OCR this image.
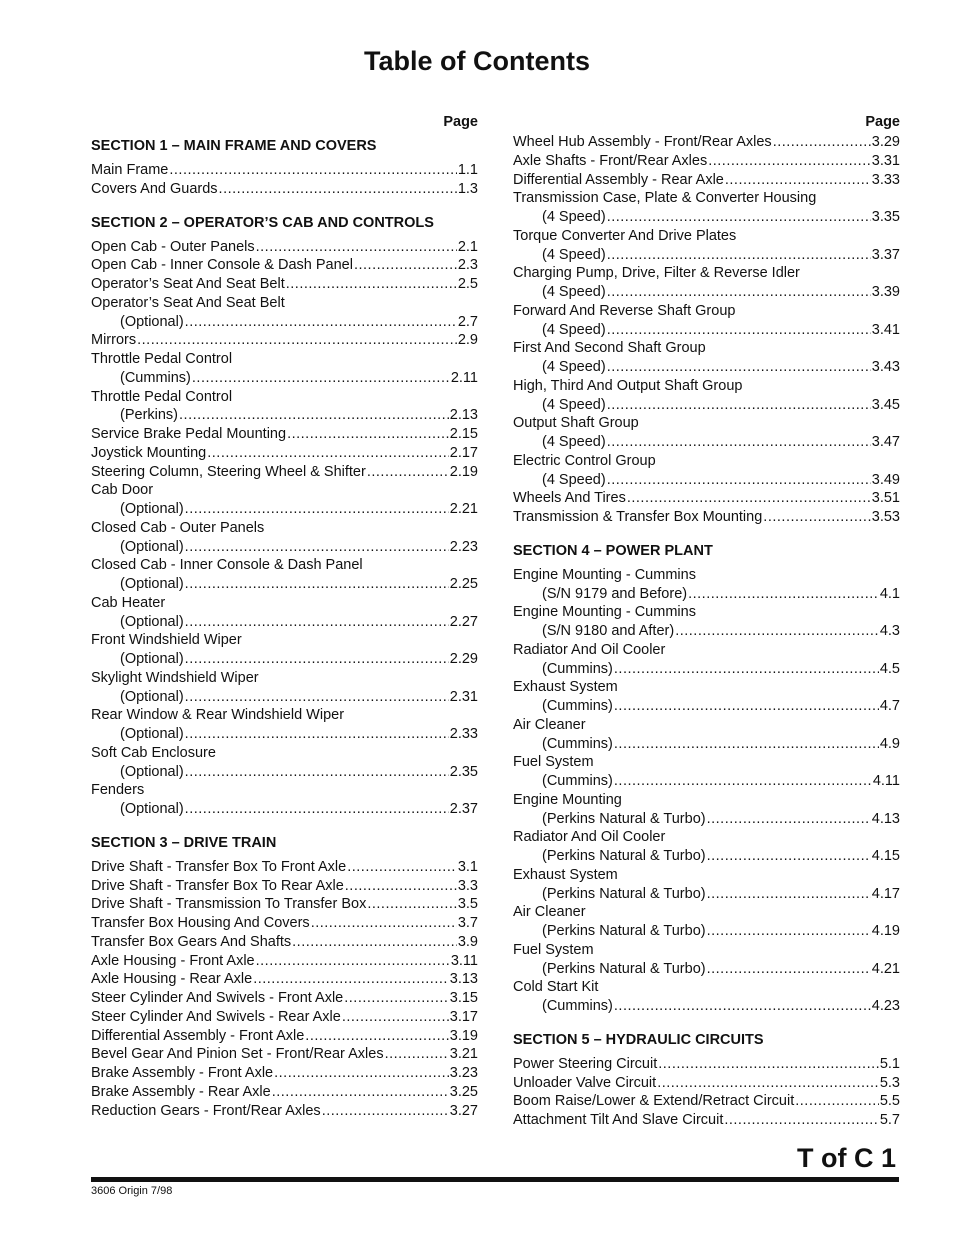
Table of Contents
Page
SECTION 1 – MAIN FRAME AND COVERS
Main Frame .....	1.1
Covers And Guards .....	1.3
SECTION 2 – OPERATOR’S CAB AND CONTROLS
Open Cab - Outer Panels .....	2.1
Open Cab - Inner Console & Dash Panel .....	2.3
Operator’s Seat And Seat Belt .....	2.5
Operator’s Seat And Seat Belt
(Optional) .....	2.7
Mirrors .....	2.9
Throttle Pedal Control
(Cummins) .....	2.11
Throttle Pedal Control
(Perkins) .....	2.13
Service Brake Pedal Mounting .....	2.15
Joystick Mounting .....	2.17
Steering Column, Steering Wheel & Shifter .....	2.19
Cab Door
(Optional) .....	2.21
Closed Cab - Outer Panels
(Optional) .....	2.23
Closed Cab - Inner Console & Dash Panel
(Optional) .....	2.25
Cab Heater
(Optional) .....	2.27
Front Windshield Wiper
(Optional) .....	2.29
Skylight Windshield Wiper
(Optional) .....	2.31
Rear Window & Rear Windshield Wiper
(Optional) .....	2.33
Soft Cab Enclosure
(Optional) .....	2.35
Fenders
(Optional) .....	2.37
SECTION 3 – DRIVE TRAIN
Drive Shaft - Transfer Box To Front Axle .....	3.1
Drive Shaft - Transfer Box To Rear Axle .....	3.3
Drive Shaft - Transmission To Transfer Box .....	3.5
Transfer Box Housing And Covers .....	3.7
Transfer Box Gears And Shafts .....	3.9
Axle Housing - Front Axle .....	3.11
Axle Housing - Rear Axle .....	3.13
Steer Cylinder And Swivels - Front Axle .....	3.15
Steer Cylinder And Swivels - Rear Axle .....	3.17
Differential Assembly - Front Axle .....	3.19
Bevel Gear And Pinion Set - Front/Rear Axles .....	3.21
Brake Assembly - Front Axle .....	3.23
Brake Assembly - Rear Axle .....	3.25
Reduction Gears - Front/Rear Axles .....	3.27
Page
Wheel Hub Assembly - Front/Rear Axles .....	3.29
Axle Shafts - Front/Rear Axles .....	3.31
Differential Assembly - Rear Axle .....	3.33
Transmission Case, Plate & Converter Housing
(4 Speed) .....	3.35
Torque Converter And Drive Plates
(4 Speed) .....	3.37
Charging Pump, Drive, Filter & Reverse Idler
(4 Speed) .....	3.39
Forward And Reverse Shaft Group
(4 Speed) .....	3.41
First And Second Shaft Group
(4 Speed) .....	3.43
High, Third And Output Shaft Group
(4 Speed) .....	3.45
Output Shaft Group
(4 Speed) .....	3.47
Electric Control Group
(4 Speed) .....	3.49
Wheels And Tires .....	3.51
Transmission & Transfer Box Mounting .....	3.53
SECTION 4 – POWER PLANT
Engine Mounting - Cummins
(S/N 9179 and Before) .....	4.1
Engine Mounting - Cummins
(S/N 9180 and After) .....	4.3
Radiator And Oil Cooler
(Cummins) .....	4.5
Exhaust System
(Cummins) .....	4.7
Air Cleaner
(Cummins) .....	4.9
Fuel System
(Cummins) .....	4.11
Engine Mounting
(Perkins Natural & Turbo) .....	4.13
Radiator And Oil Cooler
(Perkins Natural & Turbo) .....	4.15
Exhaust System
(Perkins Natural & Turbo) .....	4.17
Air Cleaner
(Perkins Natural & Turbo) .....	4.19
Fuel System
(Perkins Natural & Turbo) .....	4.21
Cold Start Kit
(Cummins) .....	4.23
SECTION 5 – HYDRAULIC CIRCUITS
Power Steering Circuit .....	5.1
Unloader Valve Circuit .....	5.3
Boom Raise/Lower & Extend/Retract Circuit .....	5.5
Attachment Tilt And Slave Circuit .....	5.7
T of C 1
3606 Origin 7/98
